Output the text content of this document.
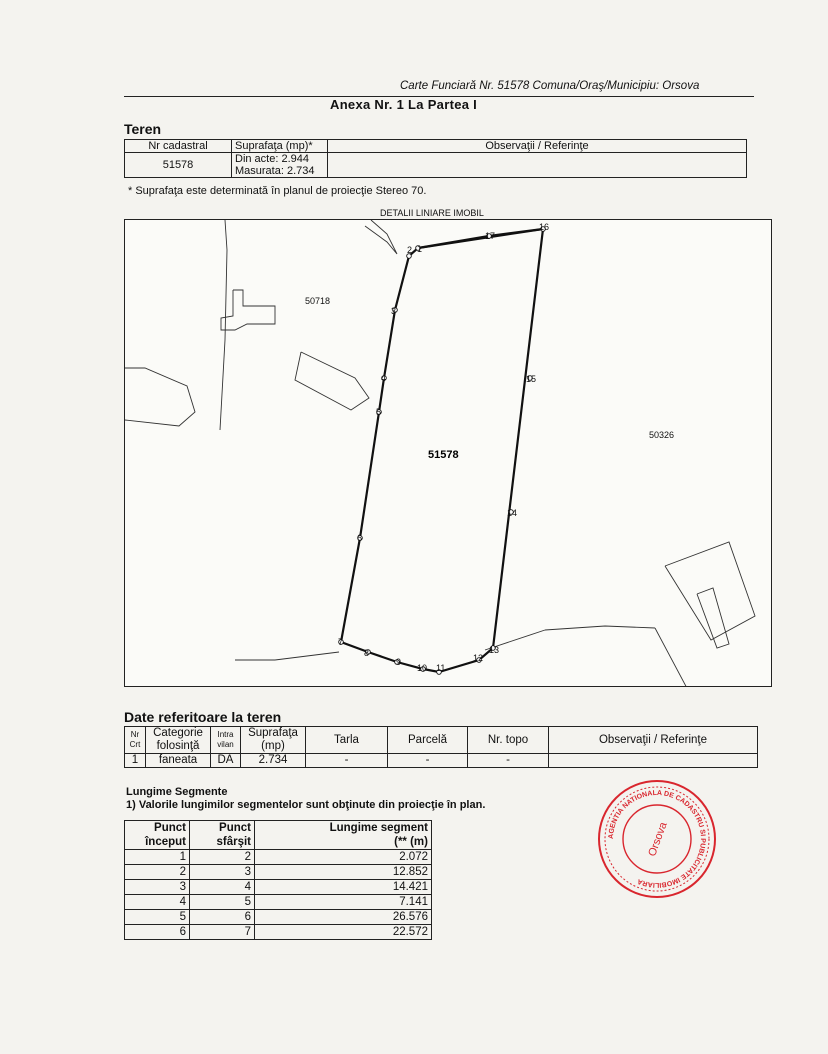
Carte Funciară Nr. 51578 Comuna/Oraş/Municipiu: Orsova
Anexa Nr. 1 La Partea I
Teren
Nr cadastral	Suprafaţa (mp)*	Observaţii / Referinţe
51578	Din acte: 2.944
Masurata: 2.734	

* Suprafaţa este determinată în planul de proiecţie Stereo 70.
DETALII LINIARE IMOBIL
1
2
3
4
5
6
7
8
9
10 11
12
13
14
15
16
17
51578
50718
50326
Date referitoare la teren
Nr Crt	Categorie folosinţă	Intra vilan	Suprafaţa (mp)	Tarla	Parcelă	Nr. topo	Observaţii / Referinţe
1	faneata	DA	2.734	-	-	-	
Lungime Segmente
1) Valorile lungimilor segmentelor sunt obţinute din proiecţie în plan.
Punct început	Punct sfârşit	Lungime segment
(** (m)

1	2	2.072
2	3	12.852
3	4	14.421
4	5	7.141
5	6	26.576
6	7	22.572
AGENTIA NATIONALA DE CADASTRU SI PUBLICITATE IMOBILIARA
Orsova
